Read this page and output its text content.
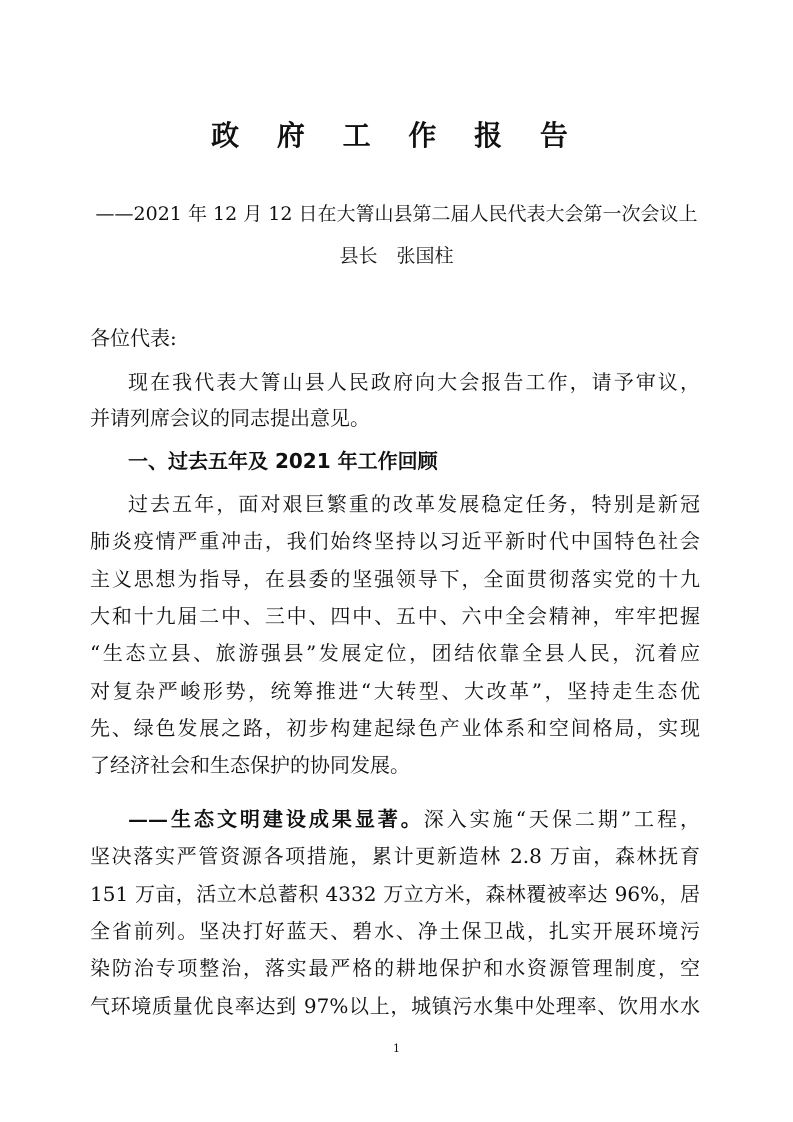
政 府 工 作 报 告
——2021 年 12 月 12 日在大箐山县第二届人民代表大会第一次会议上
县长　张国柱
各位代表:
现在我代表大箐山县人民政府向大会报告工作，请予审议，
并请列席会议的同志提出意见。
一、过去五年及 2021 年工作回顾
过去五年，面对艰巨繁重的改革发展稳定任务，特别是新冠
肺炎疫情严重冲击，我们始终坚持以习近平新时代中国特色社会
主义思想为指导，在县委的坚强领导下，全面贯彻落实党的十九
大和十九届二中、三中、四中、五中、六中全会精神，牢牢把握
“生态立县、旅游强县”发展定位，团结依靠全县人民，沉着应
对复杂严峻形势，统筹推进“大转型、大改革”，坚持走生态优
先、绿色发展之路，初步构建起绿色产业体系和空间格局，实现
了经济社会和生态保护的协同发展。
——生态文明建设成果显著。深入实施“天保二期”工程，
坚决落实严管资源各项措施，累计更新造林 2.8 万亩，森林抚育
151 万亩，活立木总蓄积 4332 万立方米，森林覆被率达 96%，居
全省前列。坚决打好蓝天、碧水、净土保卫战，扎实开展环境污
染防治专项整治，落实最严格的耕地保护和水资源管理制度，空
气环境质量优良率达到 97%以上，城镇污水集中处理率、饮用水水
1
